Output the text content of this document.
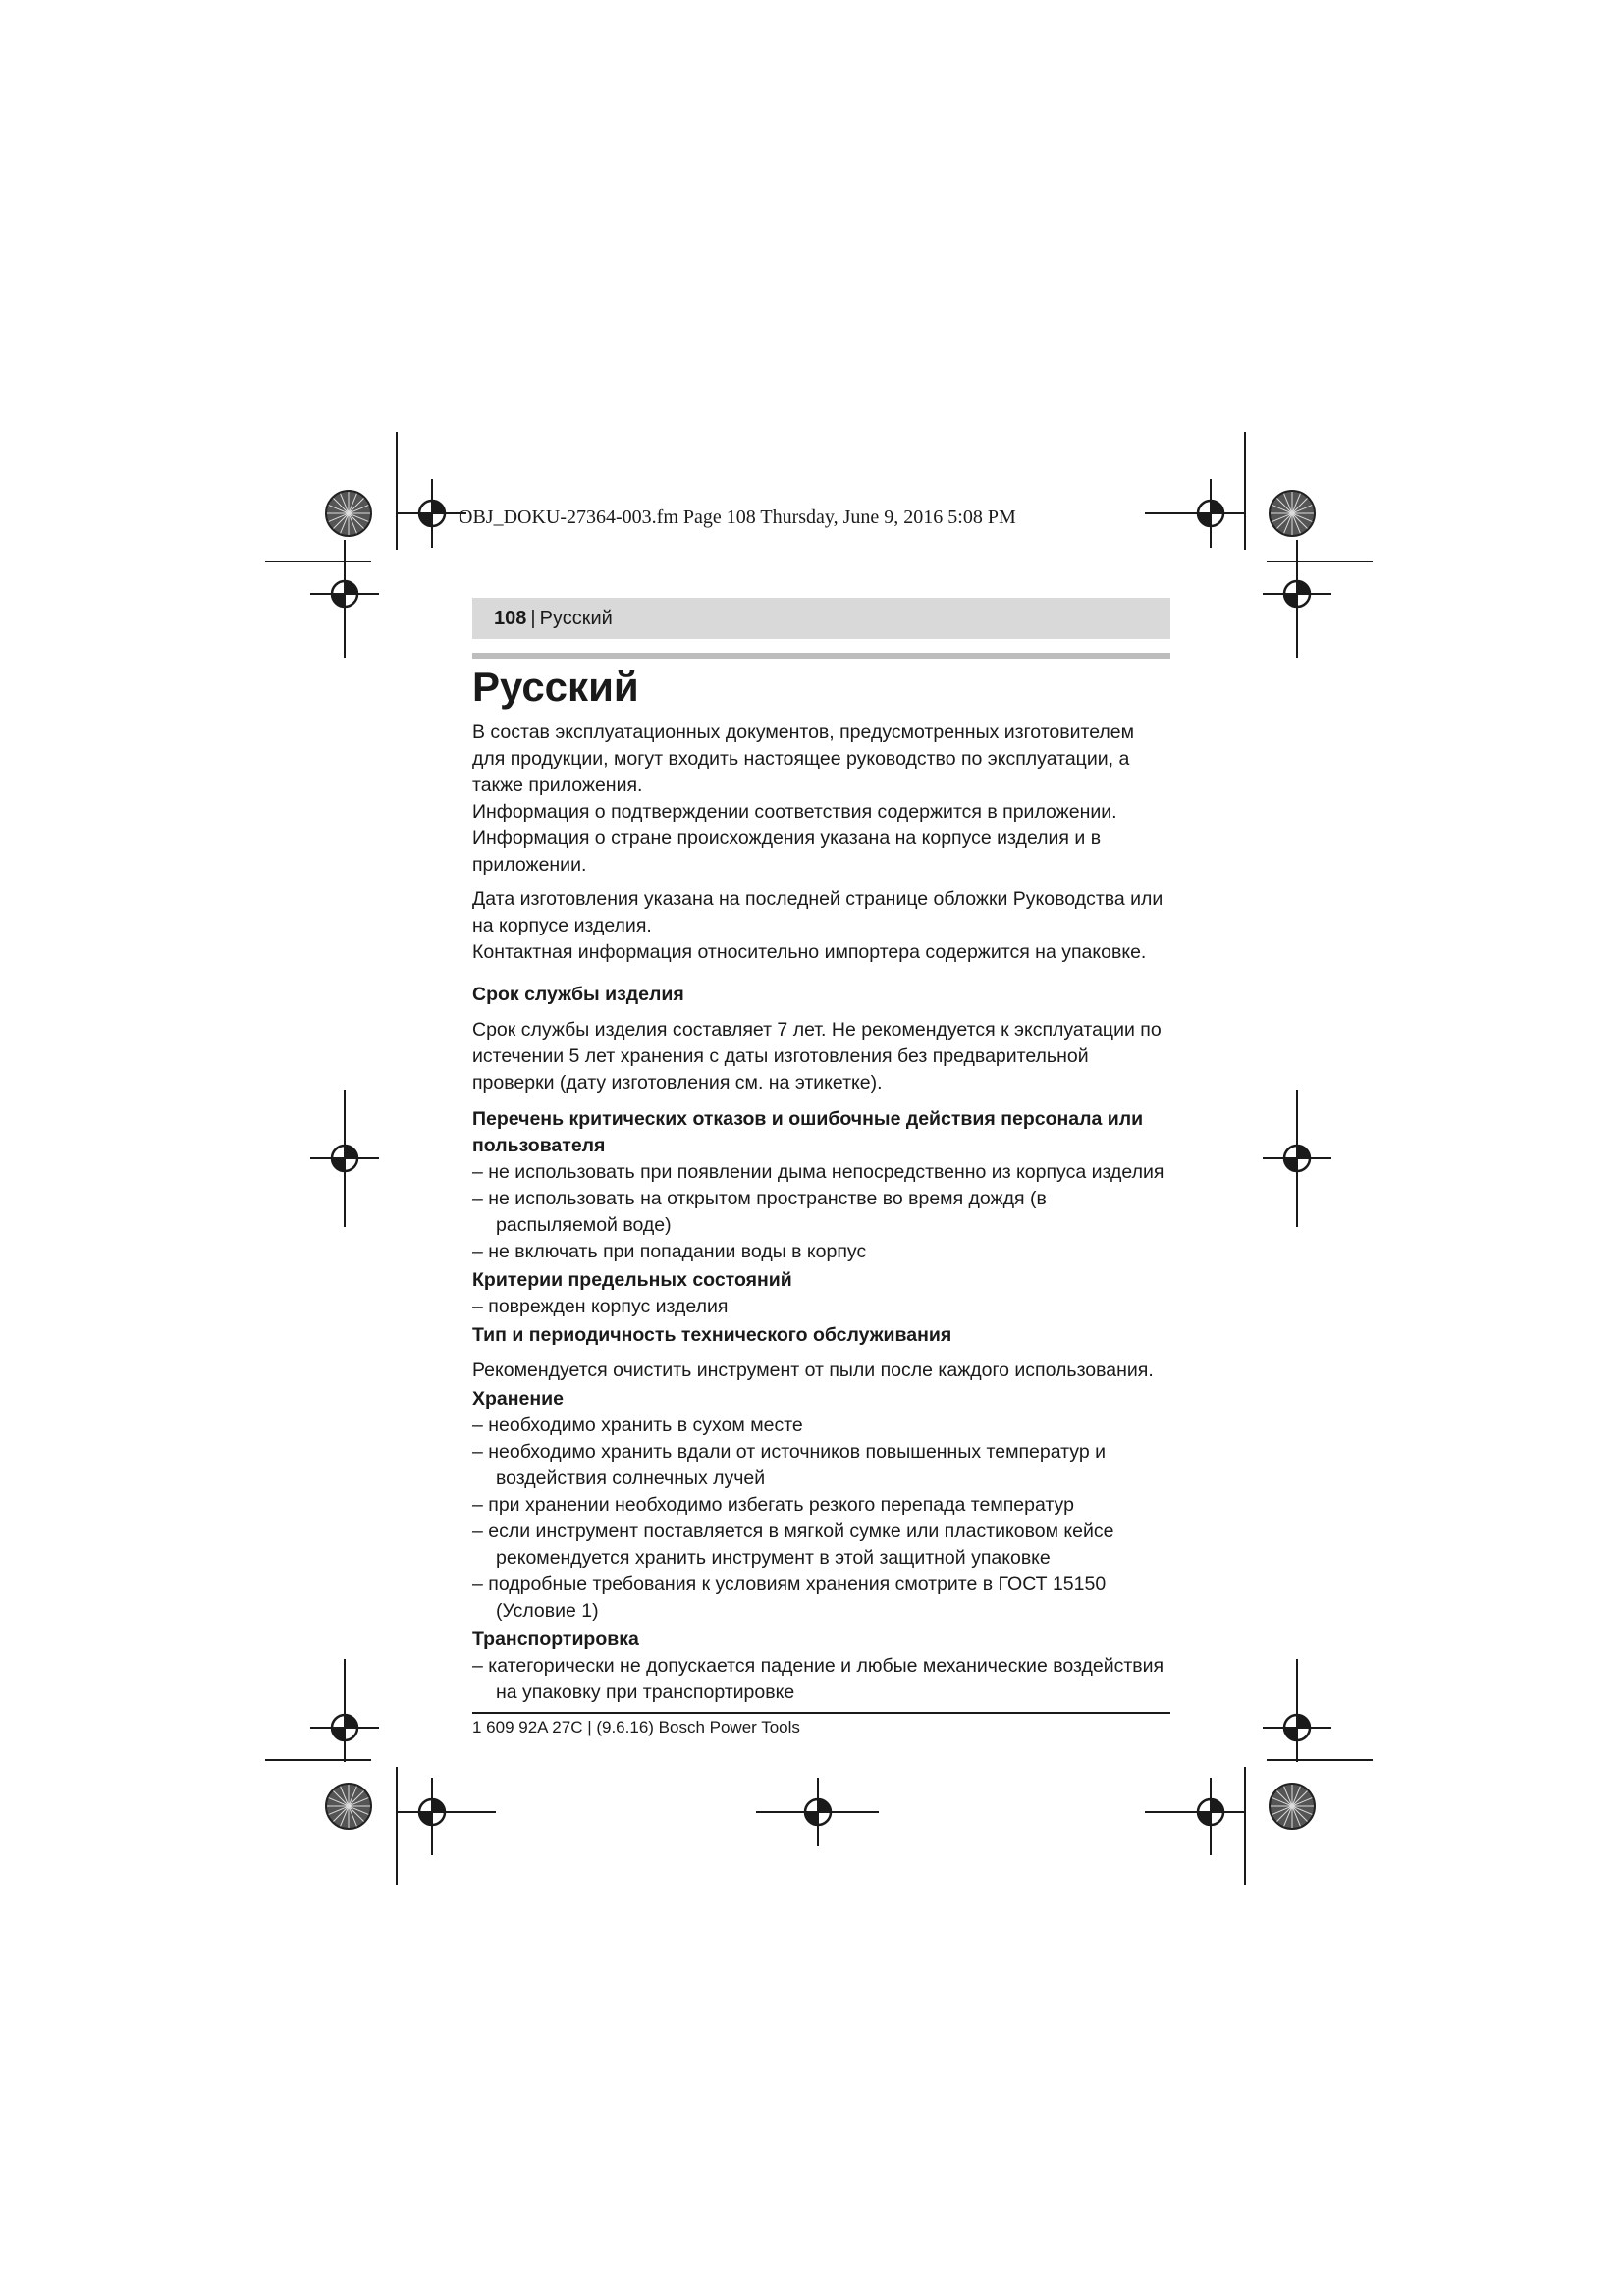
OBJ_DOKU-27364-003.fm Page 108 Thursday, June 9, 2016 5:08 PM
108 | Русский
Русский

В состав эксплуатационных документов, предусмотренных изготовителем для продукции, могут входить настоящее руководство по эксплуатации, а также приложения.

Информация о подтверждении соответствия содержится в приложении.

Информация о стране происхождения указана на корпусе изделия и в приложении.

Дата изготовления указана на последней странице обложки Руководства или на корпусе изделия.

Контактная информация относительно импортера содержится на упаковке.

Срок службы изделия

Срок службы изделия составляет 7 лет. Не рекомендуется к эксплуатации по истечении 5 лет хранения с даты изготовления без предварительной проверки (дату изготовления см. на этикетке).

Перечень критических отказов и ошибочные действия персонала или пользователя
– не использовать при появлении дыма непосредственно из корпуса изделия
– не использовать на открытом пространстве во время дождя (в распыляемой воде)
– не включать при попадании воды в корпус
Критерии предельных состояний
– поврежден корпус изделия
Тип и периодичность технического обслуживания

Рекомендуется очистить инструмент от пыли после каждого использования.

Хранение
– необходимо хранить в сухом месте
– необходимо хранить вдали от источников повышенных температур и воздействия солнечных лучей
– при хранении необходимо избегать резкого перепада температур
– если инструмент поставляется в мягкой сумке или пластиковом кейсе рекомендуется хранить инструмент в этой защитной упаковке
– подробные требования к условиям хранения смотрите в ГОСТ 15150 (Условие 1)
Транспортировка
– категорически не допускается падение и любые механические воздействия на упаковку при транспортировке
1 609 92A 27C | (9.6.16) Bosch Power Tools
